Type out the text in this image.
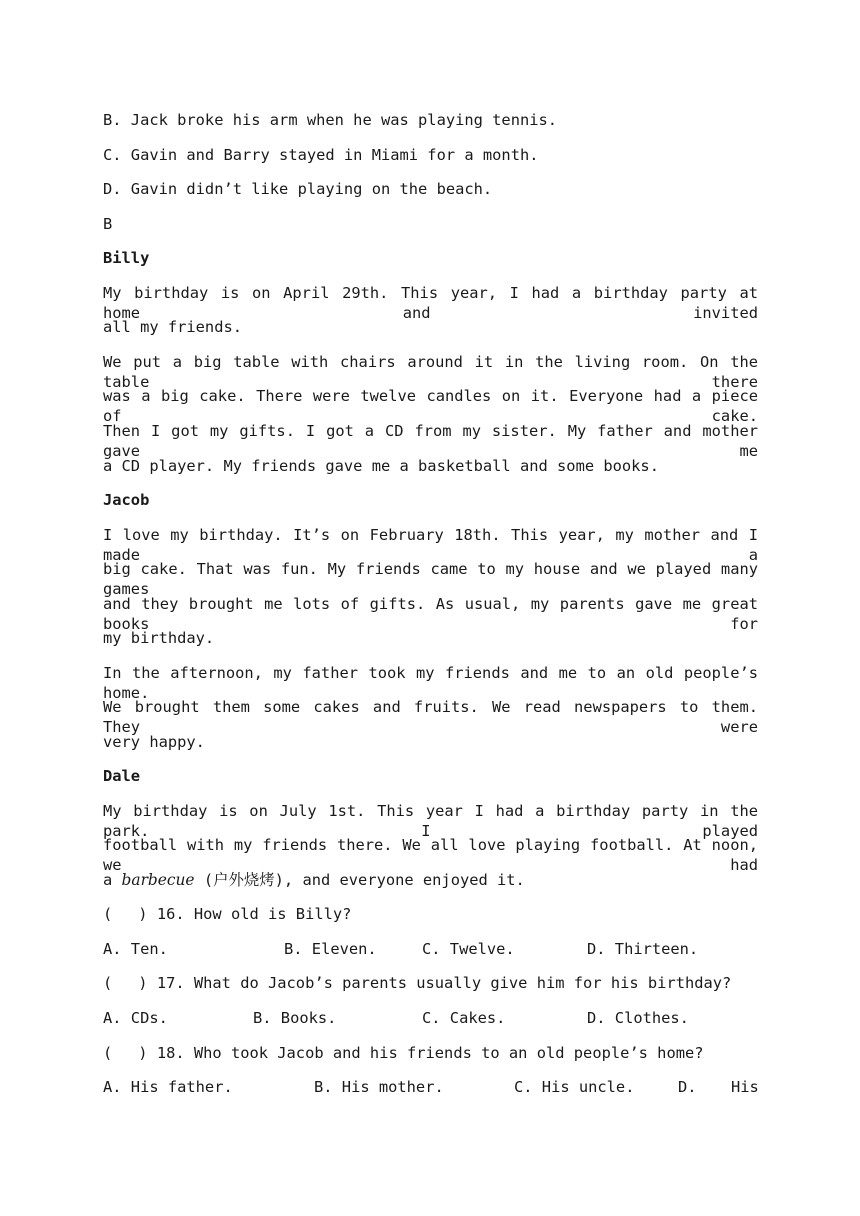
B. Jack broke his arm when he was playing tennis.
C. Gavin and Barry stayed in Miami for a month.
D. Gavin didn’t like playing on the beach.
B
Billy
My birthday is on April 29th. This year, I had a birthday party at home and invited
all my friends.
We put a big table with chairs around it in the living room. On the table there
was a big cake. There were twelve candles on it. Everyone had a piece of cake.
Then I got my gifts. I got a CD from my sister. My father and mother gave me
a CD player. My friends gave me a basketball and some books.
Jacob
I love my birthday. It’s on February 18th. This year, my mother and I made a
big cake. That was fun. My friends came to my house and we played many games
and they brought me lots of gifts. As usual, my parents gave me great books for
my birthday.
In the afternoon, my father took my friends and me to an old people’s home.
We brought them some cakes and fruits. We read newspapers to them. They were
very happy.
Dale
My birthday is on July 1st. This year I had a birthday party in the park. I played
football with my friends there. We all love playing football. At noon, we had
a barbecue (户外烧烤), and everyone enjoyed it.
( ) 16. How old is Billy?
A. Ten.	B. Eleven.	C. Twelve.	D. Thirteen.
( ) 17. What do Jacob’s parents usually give him for his birthday?
A. CDs.	B. Books.	C. Cakes.	D. Clothes.
( ) 18. Who took Jacob and his friends to an old people’s home?
A. His father.	B. His mother.	C. His uncle.	D. His
